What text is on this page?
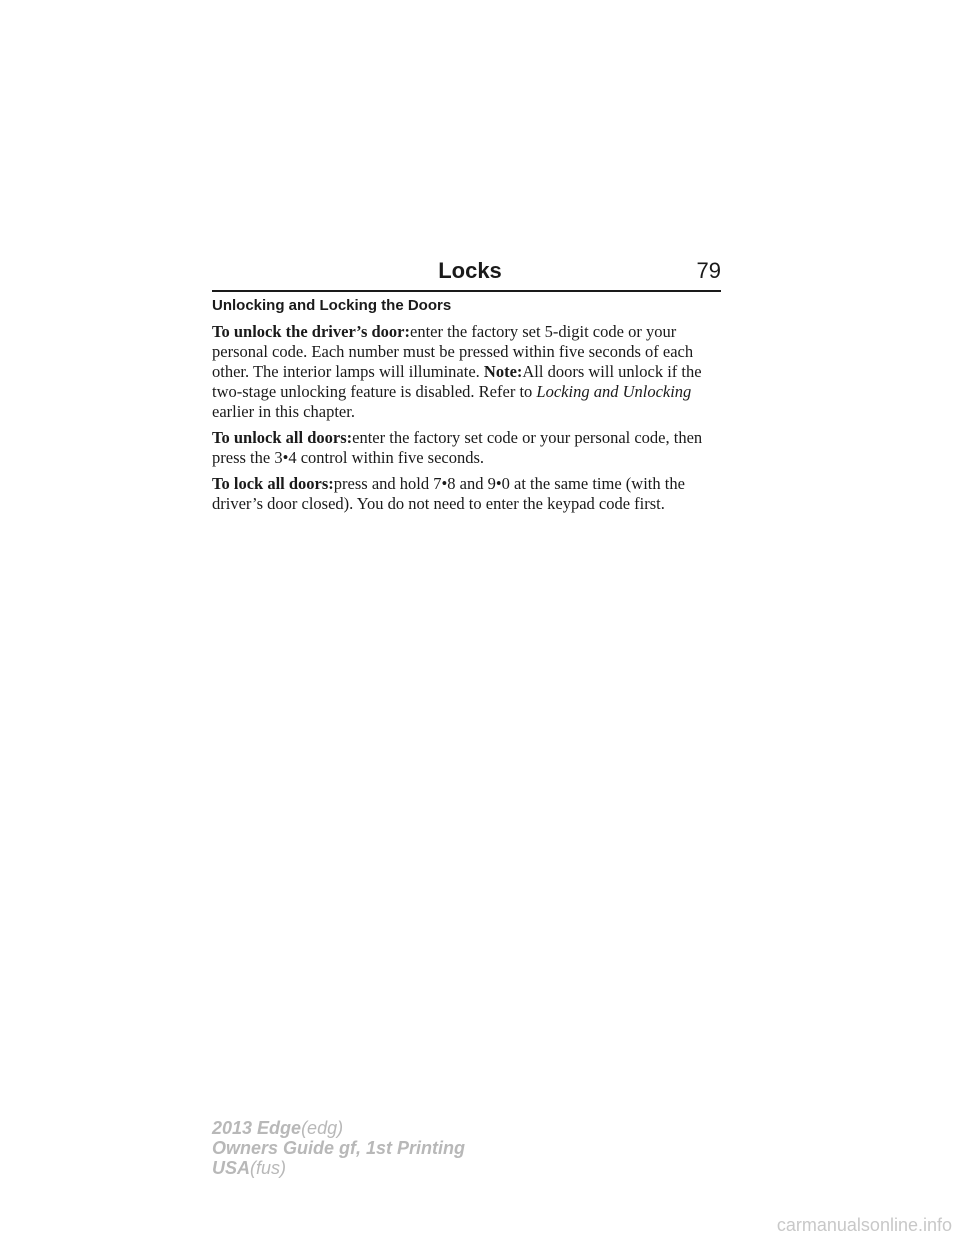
Locks	79
Unlocking and Locking the Doors

To unlock the driver’s door:enter the factory set 5-digit code or your personal code. Each number must be pressed within five seconds of each other. The interior lamps will illuminate. Note:All doors will unlock if the two-stage unlocking feature is disabled. Refer to Locking and Unlocking earlier in this chapter.

To unlock all doors:enter the factory set code or your personal code, then press the 3•4 control within five seconds.

To lock all doors:press and hold 7•8 and 9•0 at the same time (with the driver’s door closed). You do not need to enter the keypad code first.

2013 Edge(edg)
Owners Guide gf, 1st Printing
USA(fus)
carmanualsonline.info
